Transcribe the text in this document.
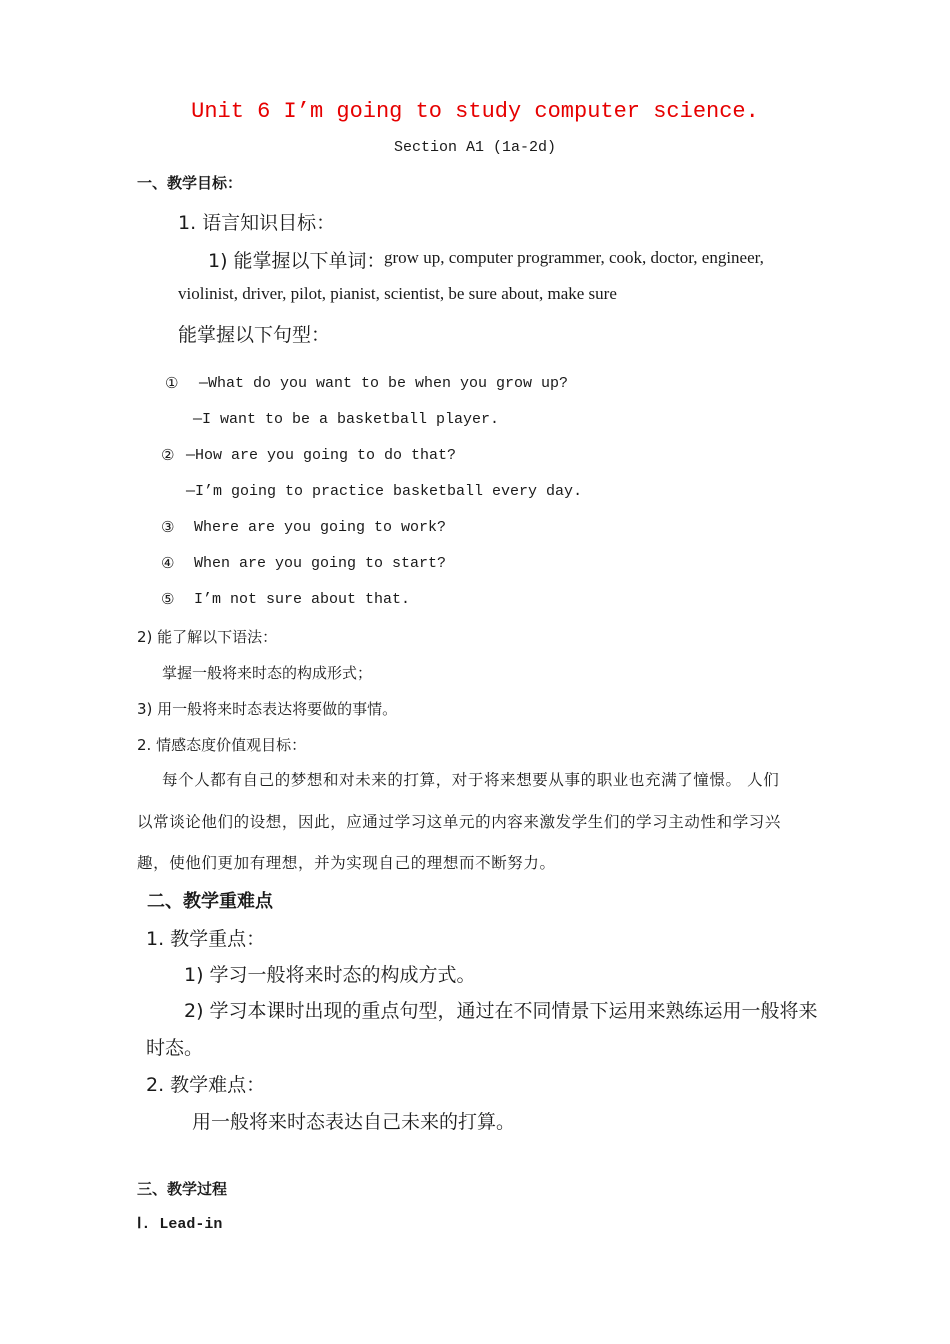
Unit 6 I’m going to study computer science.
Section A1 (1a-2d)
一、教学目标：
1. 语言知识目标：
1) 能掌握以下单词：
grow up, computer programmer, cook, doctor, engineer,
violinist, driver, pilot, pianist, scientist, be sure about, make sure
能掌握以下句型：
① —What do you want to be when you grow up?
—I want to be a basketball player.
② —How are you going to do that?
—I’m going to practice basketball every day.
③ Where are you going to work?
④ When are you going to start?
⑤ I’m not sure about that.
2) 能了解以下语法：
掌握一般将来时态的构成形式；
3) 用一般将来时态表达将要做的事情。
2. 情感态度价值观目标：
每个人都有自己的梦想和对未来的打算，对于将来想要从事的职业也充满了憧憬。 人们
以常谈论他们的设想，因此，应通过学习这单元的内容来激发学生们的学习主动性和学习兴
趣，使他们更加有理想，并为实现自己的理想而不断努力。
二、教学重难点
1. 教学重点：
1) 学习一般将来时态的构成方式。
2) 学习本课时出现的重点句型，通过在不同情景下运用来熟练运用一般将来
时态。
2. 教学难点：
用一般将来时态表达自己未来的打算。
三、教学过程
Ⅰ. Lead-in
